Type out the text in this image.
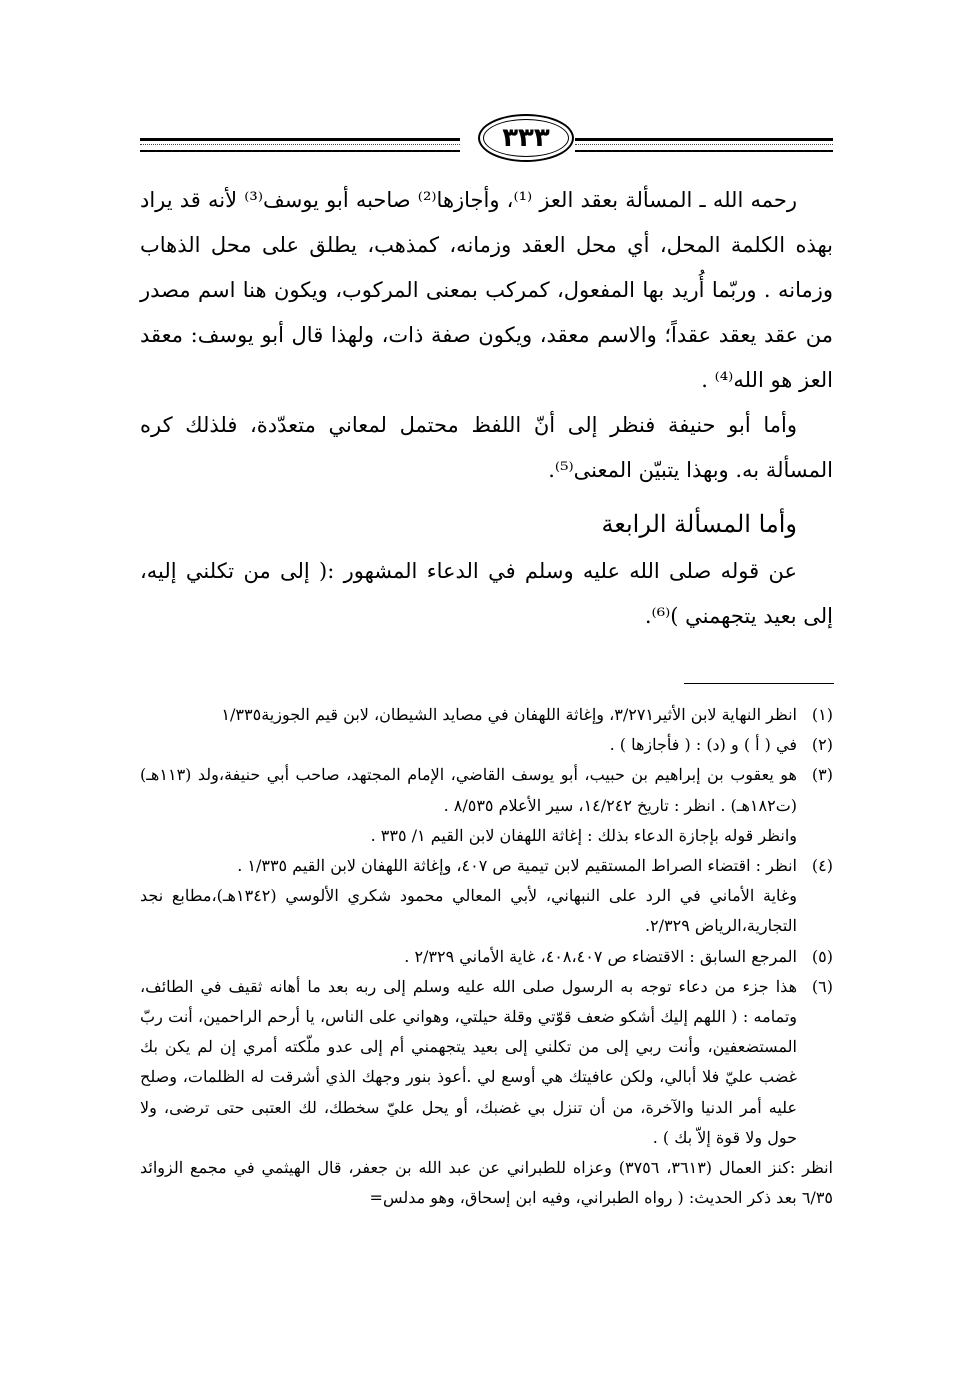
٣٣٣

رحمه الله ـ المسألة بعقد العز ⁽¹⁾، وأجازها⁽²⁾ صاحبه أبو يوسف⁽³⁾ لأنه قد يراد بهذه الكلمة المحل، أي محل العقد وزمانه، كمذهب، يطلق على محل الذهاب وزمانه . وربّما أُريد بها المفعول، كمركب بمعنى المركوب، ويكون هنا اسم مصدر من عقد يعقد عقداً؛ والاسم معقد، ويكون صفة ذات، ولهذا قال أبو يوسف: معقد العز هو الله⁽⁴⁾ .

وأما أبو حنيفة فنظر إلى أنّ اللفظ محتمل لمعاني متعدّدة، فلذلك كره المسألة به. وبهذا يتبيّن المعنى⁽⁵⁾.

وأما المسألة الرابعة

عن قوله صلى الله عليه وسلم في الدعاء المشهور :( إلى من تكلني إليه، إلى بعيد يتجهمني )⁽⁶⁾.

(١)

انظر النهاية لابن الأثير٣/٢٧١، وإغاثة اللهفان في مصايد الشيطان، لابن قيم الجوزية١/٣٣٥

(٢)

في ( أ ) و (د) : ( فأجازها ) .

(٣)

هو يعقوب بن إبراهيم بن حبيب، أبو يوسف القاضي، الإمام المجتهد، صاحب أبي حنيفة،ولد (١١٣هـ) (ت١٨٢هـ) . انظر : تاريخ ١٤/٢٤٢، سير الأعلام ٨/٥٣٥ .

وانظر قوله بإجازة الدعاء بذلك : إغاثة اللهفان لابن القيم ١/ ٣٣٥ .

(٤)

انظر : اقتضاء الصراط المستقيم لابن تيمية ص ٤٠٧، وإغاثة اللهفان لابن القيم ١/٣٣٥ .

وغاية الأماني في الرد على النبهاني، لأبي المعالي محمود شكري الألوسي (١٣٤٢هـ)،مطابع نجد التجارية،الرياض ٢/٣٢٩.

(٥)

المرجع السابق : الاقتضاء ص ٤٠٨،٤٠٧، غاية الأماني ٢/٣٢٩ .

(٦)

هذا جزء من دعاء توجه به الرسول صلى الله عليه وسلم إلى ربه بعد ما أهانه ثقيف في الطائف، وتمامه : ( اللهم إليك أشكو ضعف قوّتي وقلة حيلتي، وهواني على الناس، يا أرحم الراحمين، أنت ربّ المستضعفين، وأنت ربي إلى من تكلني إلى بعيد يتجهمني أم إلى عدو ملّكته أمري إن لم يكن بك غضب عليّ فلا أبالي، ولكن عافيتك هي أوسع لي .أعوذ بنور وجهك الذي أشرقت له الظلمات، وصلح عليه أمر الدنيا والآخرة، من أن تنزل بي غضبك، أو يحل عليّ سخطك، لك العتبى حتى ترضى، ولا حول ولا قوة إلاّ بك ) .

انظر :كنز العمال (٣٦١٣، ٣٧٥٦) وعزاه للطبراني عن عبد الله بن جعفر، قال الهيثمي في مجمع الزوائد ٦/٣٥ بعد ذكر الحديث: ( رواه الطبراني، وفيه ابن إسحاق، وهو مدلس=
